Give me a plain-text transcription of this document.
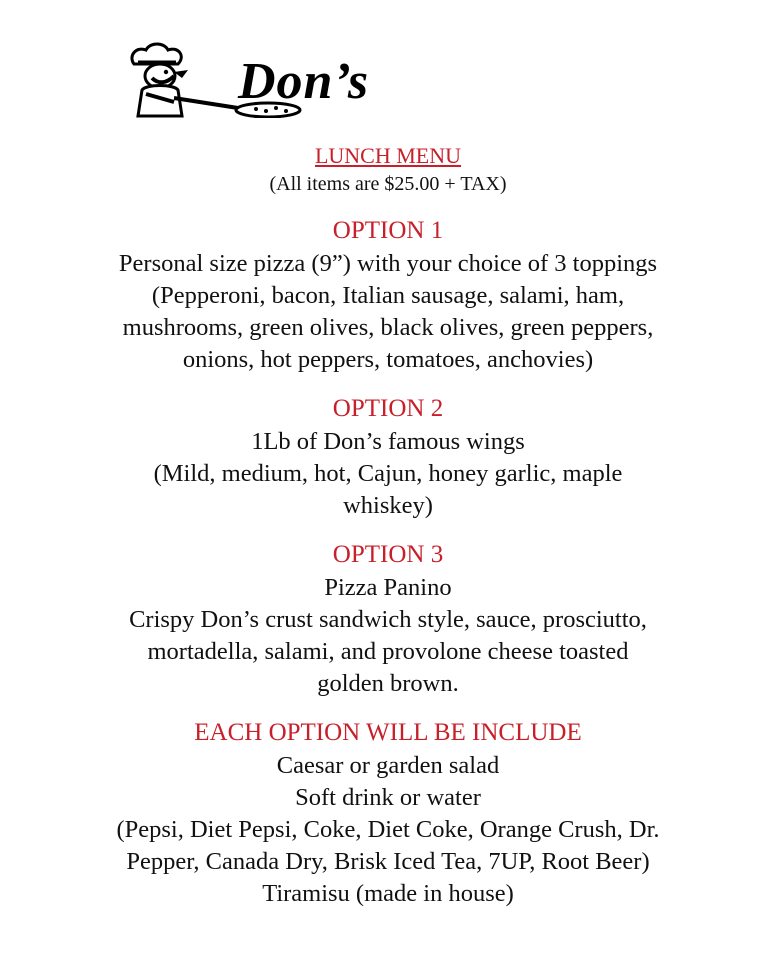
Don’s
LUNCH MENU
(All items are $25.00 + TAX)
OPTION 1
Personal size pizza (9”) with your choice of 3 toppings
(Pepperoni, bacon, Italian sausage, salami, ham,
mushrooms, green olives, black olives, green peppers,
onions, hot peppers, tomatoes, anchovies)
OPTION 2
1Lb of Don’s famous wings
(Mild, medium, hot, Cajun, honey garlic, maple
whiskey)
OPTION 3
Pizza Panino
Crispy Don’s crust sandwich style, sauce, prosciutto,
mortadella, salami, and provolone cheese toasted
golden brown.
EACH OPTION WILL BE INCLUDE
Caesar or garden salad
Soft drink or water
(Pepsi, Diet Pepsi, Coke, Diet Coke, Orange Crush, Dr.
Pepper, Canada Dry, Brisk Iced Tea, 7UP, Root Beer)
Tiramisu (made in house)
